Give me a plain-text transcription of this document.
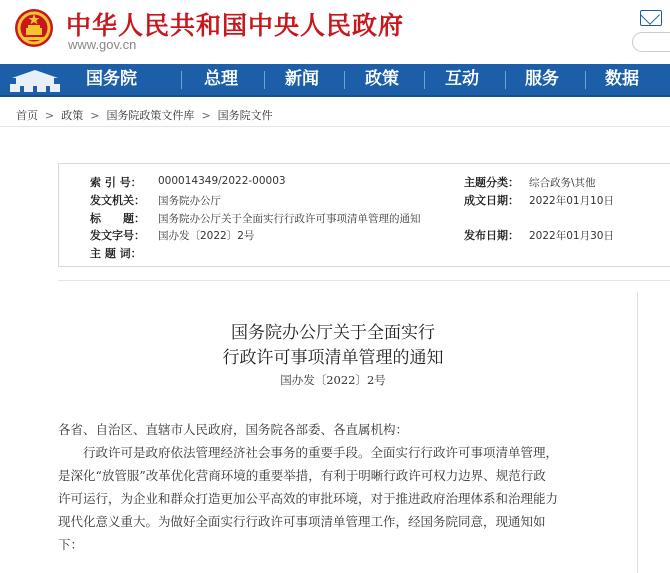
中华人民共和国中央人民政府
www.gov.cn
国务院	总理	新闻	政策	互动	服务	数据
首页 > 政策 > 国务院政策文件库 > 国务院文件
索 引 号： 000014349/2022-00003	主题分类： 综合政务\其他
发文机关： 国务院办公厅	成文日期： 2022年01月10日
标　　题： 国务院办公厅关于全面实行行政许可事项清单管理的通知
发文字号： 国办发〔2022〕2号	发布日期： 2022年01月30日
主 题 词：
国务院办公厅关于全面实行
行政许可事项清单管理的通知
国办发〔2022〕2号
各省、自治区、直辖市人民政府，国务院各部委、各直属机构：
　　行政许可是政府依法管理经济社会事务的重要手段。全面实行行政许可事项清单管理，
是深化“放管服”改革优化营商环境的重要举措，有利于明晰行政许可权力边界、规范行政
许可运行，为企业和群众打造更加公平高效的审批环境，对于推进政府治理体系和治理能力
现代化意义重大。为做好全面实行行政许可事项清单管理工作，经国务院同意，现通知如
下：
